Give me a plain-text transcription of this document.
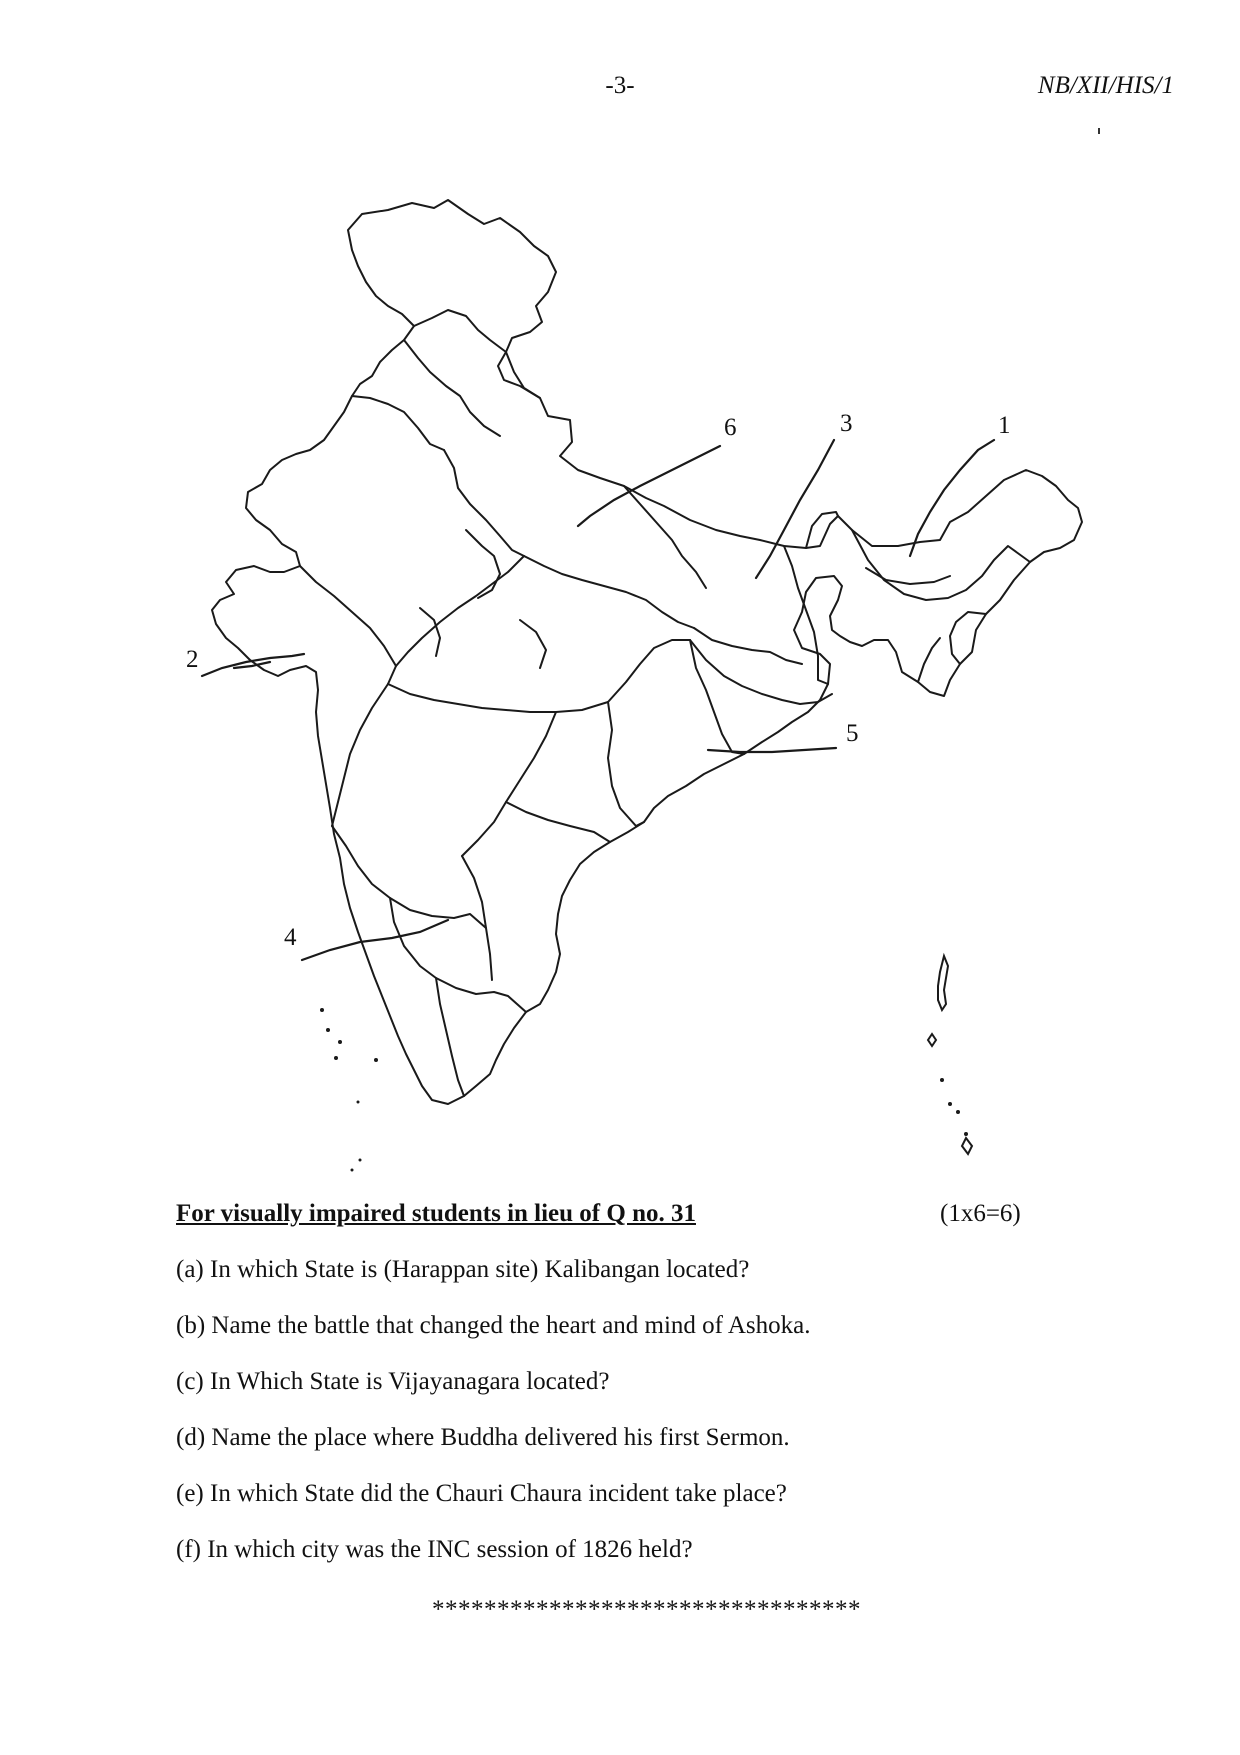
-3-	NB/XII/HIS/1
1
2
3
4
5
6
For visually impaired students in lieu of Q no. 31	(1x6=6)
(a) In which State is (Harappan site) Kalibangan located?
(b) Name the battle that changed the heart and mind of Ashoka.
(c) In Which State is Vijayanagara located?
(d) Name the place where Buddha delivered his first Sermon.
(e) In which State did the Chauri Chaura incident take place?
(f) In which city was the INC session of 1826 held?
*********************************
